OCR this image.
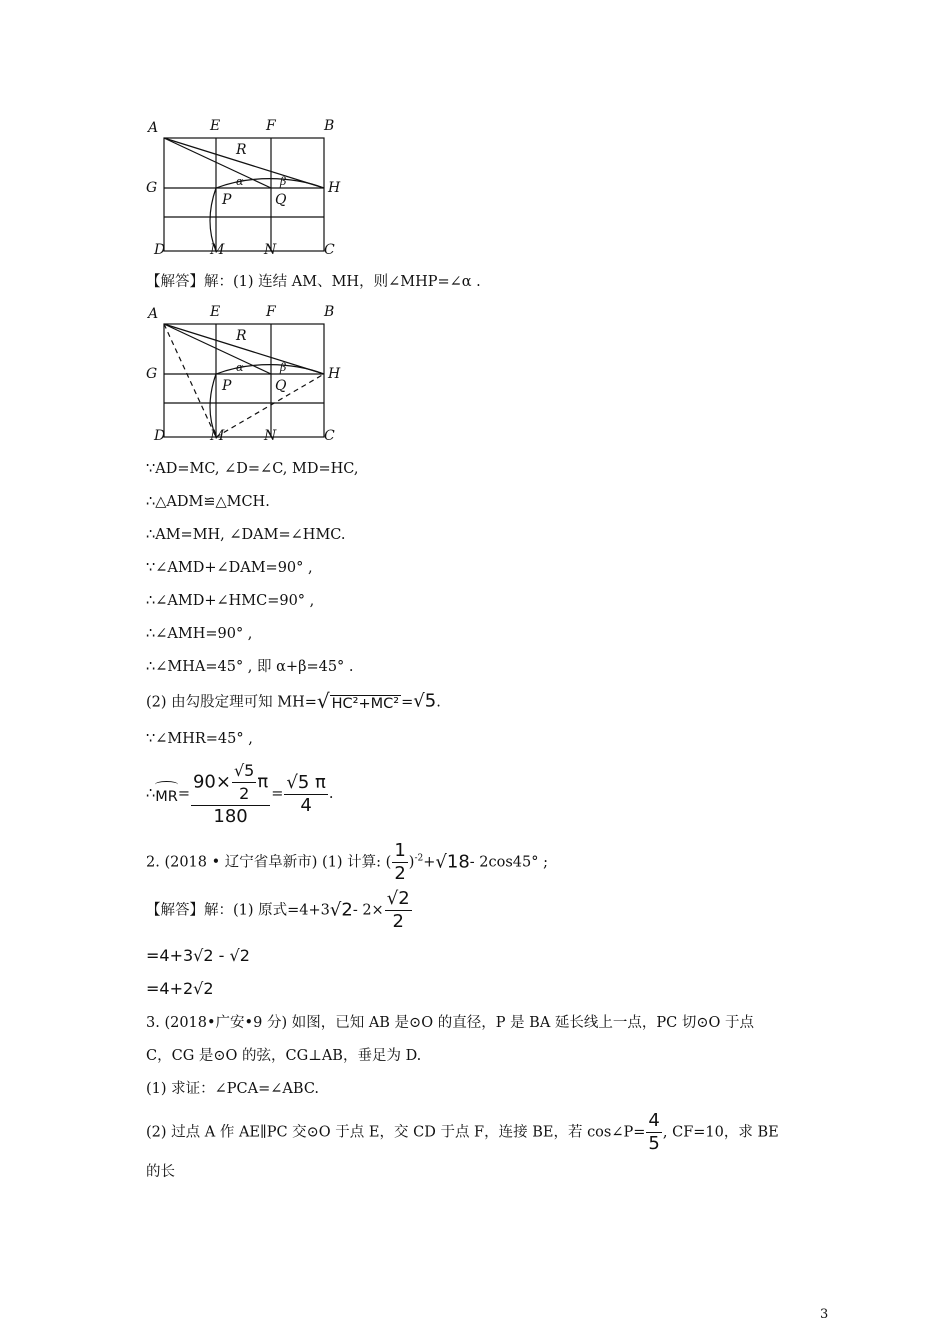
A	E	F	B
R
G
P	Q
H
D	M	N	C
α	β
【解答】解：(1) 连结 AM、MH，则∠MHP=∠α .
A	E	F	B
R
G
P	Q
H
D	M	N	C
α	β
∵AD=MC, ∠D=∠C, MD=HC,
∴△ADM≌△MCH.
∴AM=MH, ∠DAM=∠HMC.
∵∠AMD+∠DAM=90° ,
∴∠AMD+∠HMC=90° ,
∴∠AMH=90° ,
∴∠MHA=45° , 即 α+β=45° .
(2) 由勾股定理可知 MH=√ HC²+MC² =√5.
∵∠MHR=45° ,
∴
$MR= \frac{90\times \frac{√5}{2} \pi}{180} = \frac{√5 \pi}{4}$ .
2. (2018 • 辽宁省阜新市) (1) 计算: ( $\frac{1}{2} )^{-2}+√18-$ 2cos45° ;
【解答】解：(1) 原式=4+3√2- $2\times \frac{√2}{2}$
=4+3√2 - √2
=4+2√2
3. (2018•广安•9 分) 如图，已知 AB 是⊙O 的直径，P 是 BA 延长线上一点，PC 切⊙O 于点
C，CG 是⊙O 的弦，CG⊥AB，垂足为 D.
(1) 求证：∠PCA=∠ABC.
(2) 过点 A 作 AE∥PC 交⊙O 于点 E，交 CD 于点 F，连接 BE，若 cos∠P= $\frac{4}{5}$ , CF=10，求 BE
的长
3
